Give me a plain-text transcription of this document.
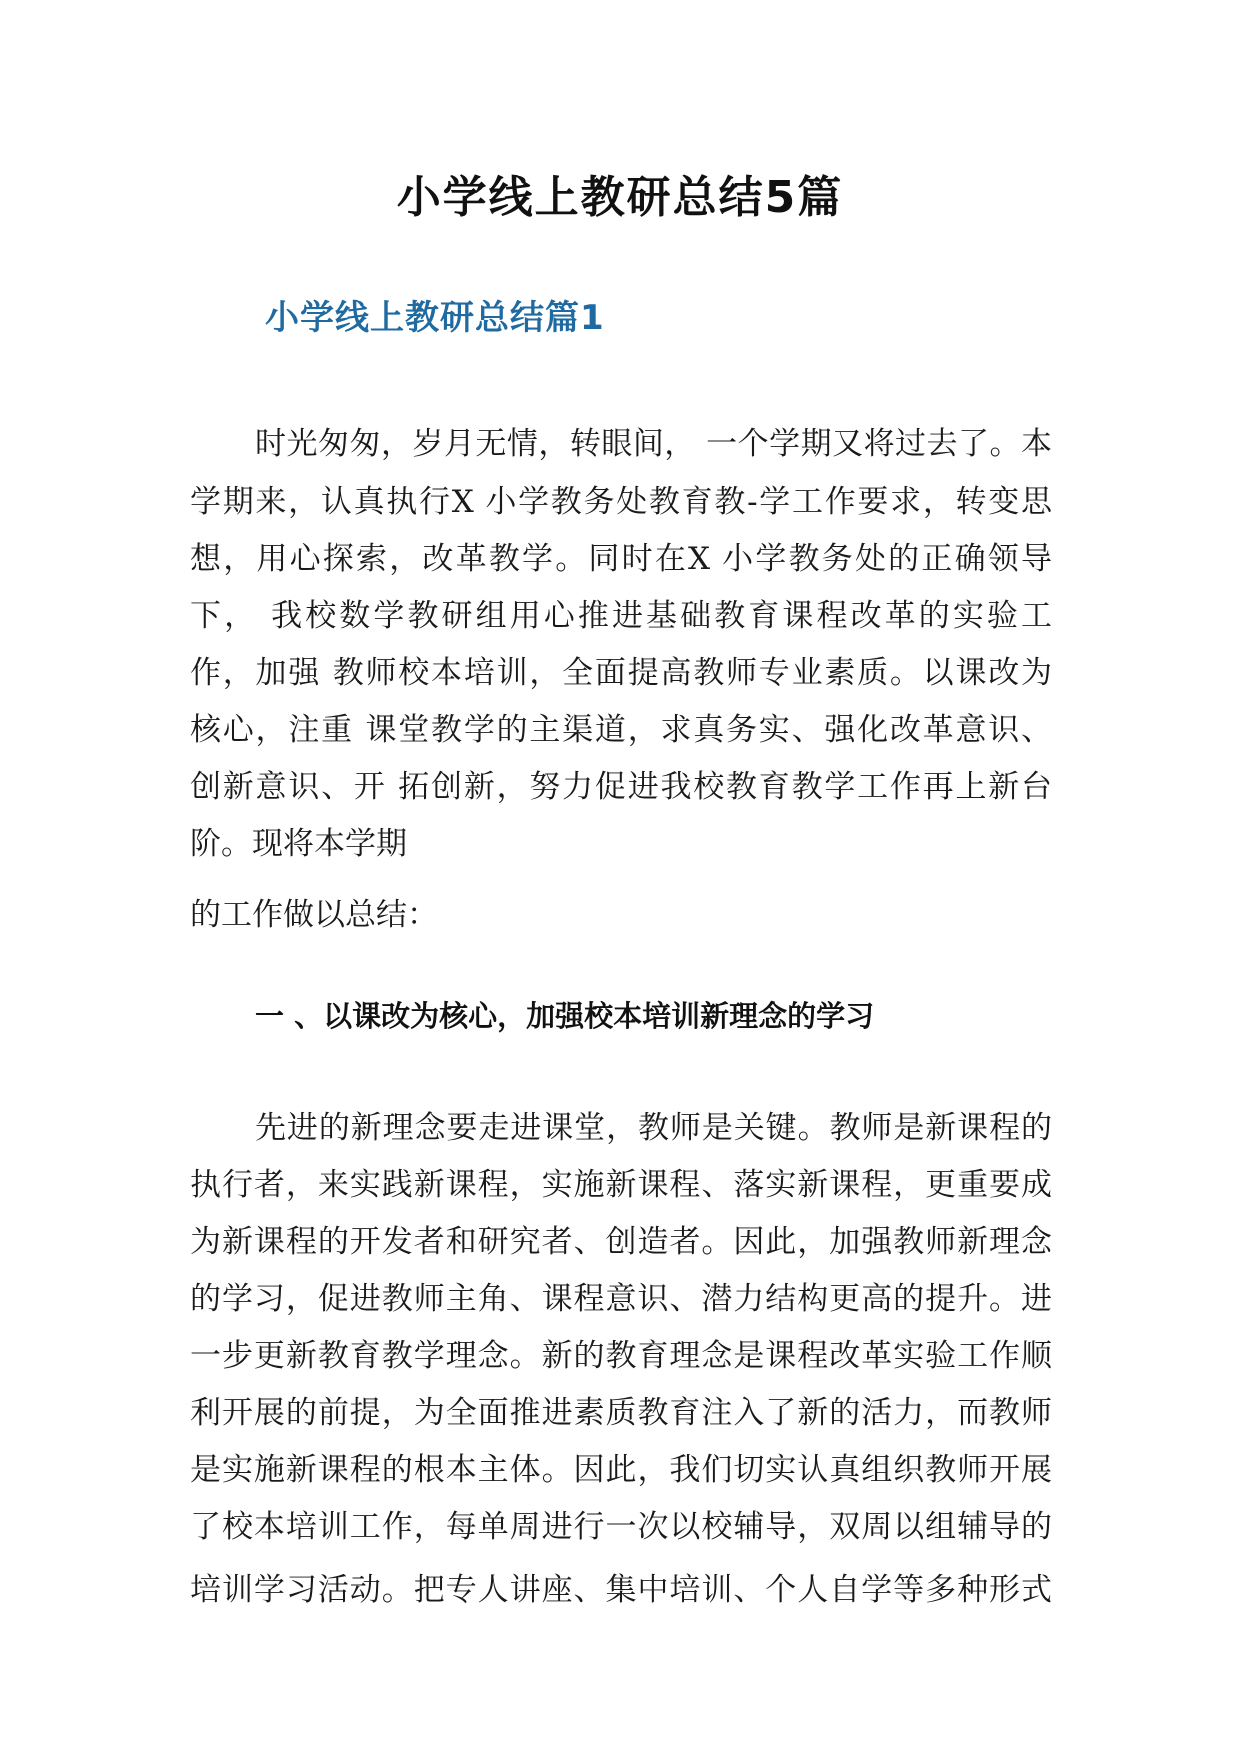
小学线上教研总结5篇
小学线上教研总结篇1
时光匆匆，岁月无情，转眼间， 一个学期又将过去了。本
学期来，认真执行X 小学教务处教育教-学工作要求，转变思
想，用心探索，改革教学。同时在X 小学教务处的正确领导
下， 我校数学教研组用心推进基础教育课程改革的实验工
作，加强 教师校本培训，全面提高教师专业素质。以课改为
核心，注重 课堂教学的主渠道，求真务实、强化改革意识、
创新意识、开 拓创新，努力促进我校教育教学工作再上新台
阶。现将本学期
的工作做以总结：
一 、以课改为核心，加强校本培训新理念的学习
先进的新理念要走进课堂，教师是关键。教师是新课程的
执行者，来实践新课程，实施新课程、落实新课程，更重要成
为新课程的开发者和研究者、创造者。因此，加强教师新理念
的学习，促进教师主角、课程意识、潜力结构更高的提升。进
一步更新教育教学理念。新的教育理念是课程改革实验工作顺
利开展的前提，为全面推进素质教育注入了新的活力，而教师
是实施新课程的根本主体。因此，我们切实认真组织教师开展
了校本培训工作，每单周进行一次以校辅导，双周以组辅导的
培训学习活动。把专人讲座、集中培训、个人自学等多种形式
